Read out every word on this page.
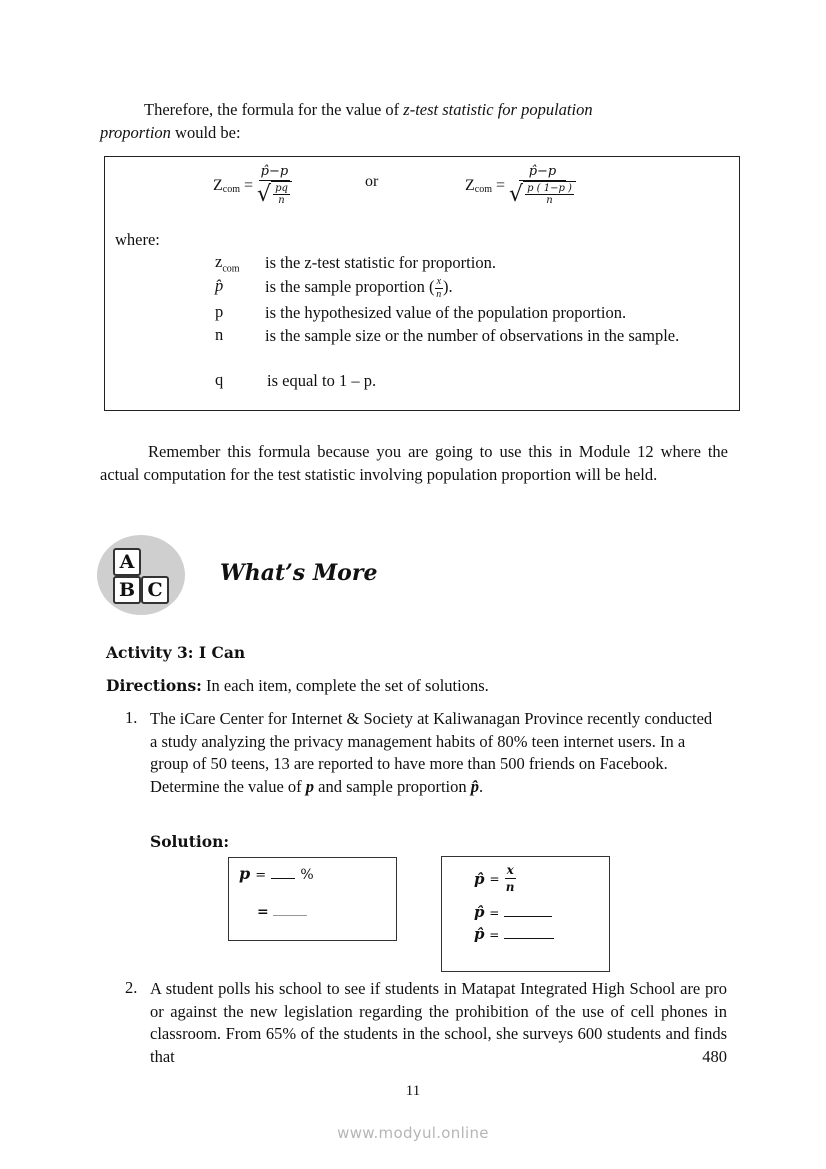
Therefore, the formula for the value of z-test statistic for population
proportion would be:
$Z_{com} = \frac{p̂-p}{√ \frac{pq}{n}}$	or	$Z_{com} = \frac{p̂-p}{√ \frac{p ( 1-p )}{n}}$
where:
$z_{com}$ is the z-test statistic for proportion.
p̂	is the sample proportion ( $\frac{x}{n}$ ).
p	is the hypothesized value of the population proportion.
n	is the sample size or the number of observations in the sample.
q	is equal to 1 – p.
Remember this formula because you are going to use this in Module 12 where the actual computation for the test statistic involving population proportion will be held.
A
B C
What’s More
Activity 3: I Can
Directions: In each item, complete the set of solutions.
1. The iCare Center for Internet & Society at Kaliwanagan Province recently conducted a study analyzing the privacy management habits of 80% teen internet users. In a group of 50 teens, 13 are reported to have more than 500 friends on Facebook. Determine the value of p and sample proportion p̂.
Solution:
p = %
=
p̂ = $\frac{x}{n}$
p̂ =
p̂ =
2. A student polls his school to see if students in Matapat Integrated High School are pro or against the new legislation regarding the prohibition of the use of cell phones in classroom. From 65% of the students in the school, she surveys 600 students and finds that 480
11
www.modyul.online
